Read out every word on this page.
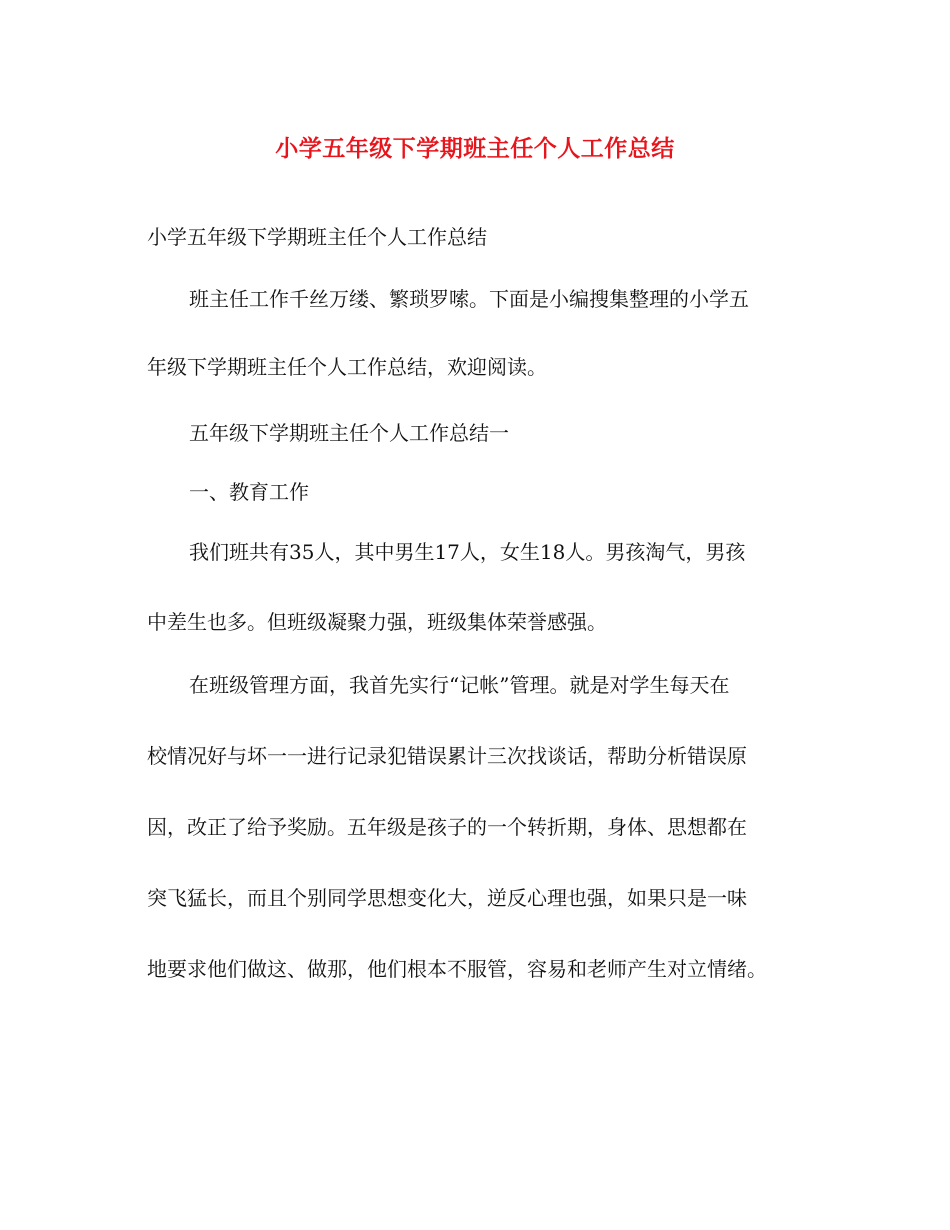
小学五年级下学期班主任个人工作总结

小学五年级下学期班主任个人工作总结

班主任工作千丝万缕、繁琐罗嗦。下面是小编搜集整理的小学五

年级下学期班主任个人工作总结，欢迎阅读。

五年级下学期班主任个人工作总结一

一、教育工作

我们班共有35人，其中男生17人，女生18人。男孩淘气，男孩

中差生也多。但班级凝聚力强，班级集体荣誉感强。

在班级管理方面，我首先实行“记帐”管理。就是对学生每天在

校情况好与坏一一进行记录犯错误累计三次找谈话，帮助分析错误原

因，改正了给予奖励。五年级是孩子的一个转折期，身体、思想都在

突飞猛长，而且个别同学思想变化大，逆反心理也强，如果只是一味

地要求他们做这、做那，他们根本不服管，容易和老师产生对立情绪。
